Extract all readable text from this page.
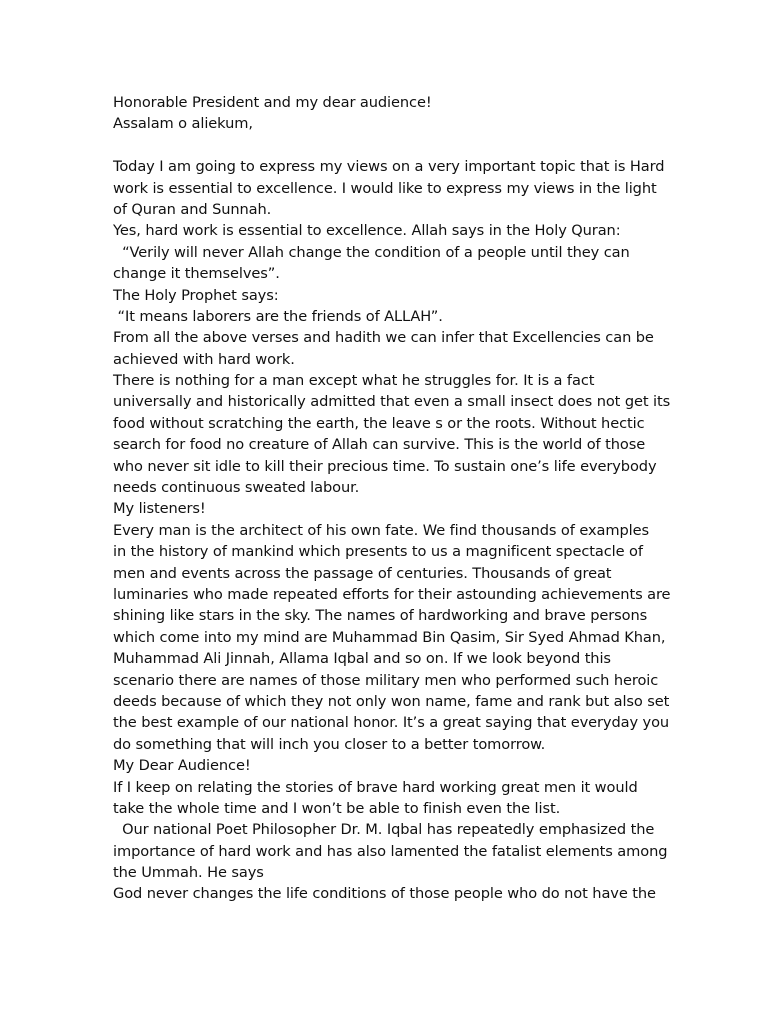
Honorable President and my dear audience!
Assalam o aliekum,
Today I am going to express my views on a very important topic that is Hard
work is essential to excellence. I would like to express my views in the light
of Quran and Sunnah.
Yes, hard work is essential to excellence. Allah says in the Holy Quran:
“Verily will never Allah change the condition of a people until they can
change it themselves”.
The Holy Prophet says:
“It means laborers are the friends of ALLAH”.
From all the above verses and hadith we can infer that Excellencies can be
achieved with hard work.
There is nothing for a man except what he struggles for. It is a fact
universally and historically admitted that even a small insect does not get its
food without scratching the earth, the leave s or the roots. Without hectic
search for food no creature of Allah can survive. This is the world of those
who never sit idle to kill their precious time. To sustain one’s life everybody
needs continuous sweated labour.
My listeners!
Every man is the architect of his own fate. We find thousands of examples
in the history of mankind which presents to us a magnificent spectacle of
men and events across the passage of centuries. Thousands of great
luminaries who made repeated efforts for their astounding achievements are
shining like stars in the sky. The names of hardworking and brave persons
which come into my mind are Muhammad Bin Qasim, Sir Syed Ahmad Khan,
Muhammad Ali Jinnah, Allama Iqbal and so on. If we look beyond this
scenario there are names of those military men who performed such heroic
deeds because of which they not only won name, fame and rank but also set
the best example of our national honor. It’s a great saying that everyday you
do something that will inch you closer to a better tomorrow.
My Dear Audience!
If I keep on relating the stories of brave hard working great men it would
take the whole time and I won’t be able to finish even the list.
Our national Poet Philosopher Dr. M. Iqbal has repeatedly emphasized the
importance of hard work and has also lamented the fatalist elements among
the Ummah. He says
God never changes the life conditions of those people who do not have the
